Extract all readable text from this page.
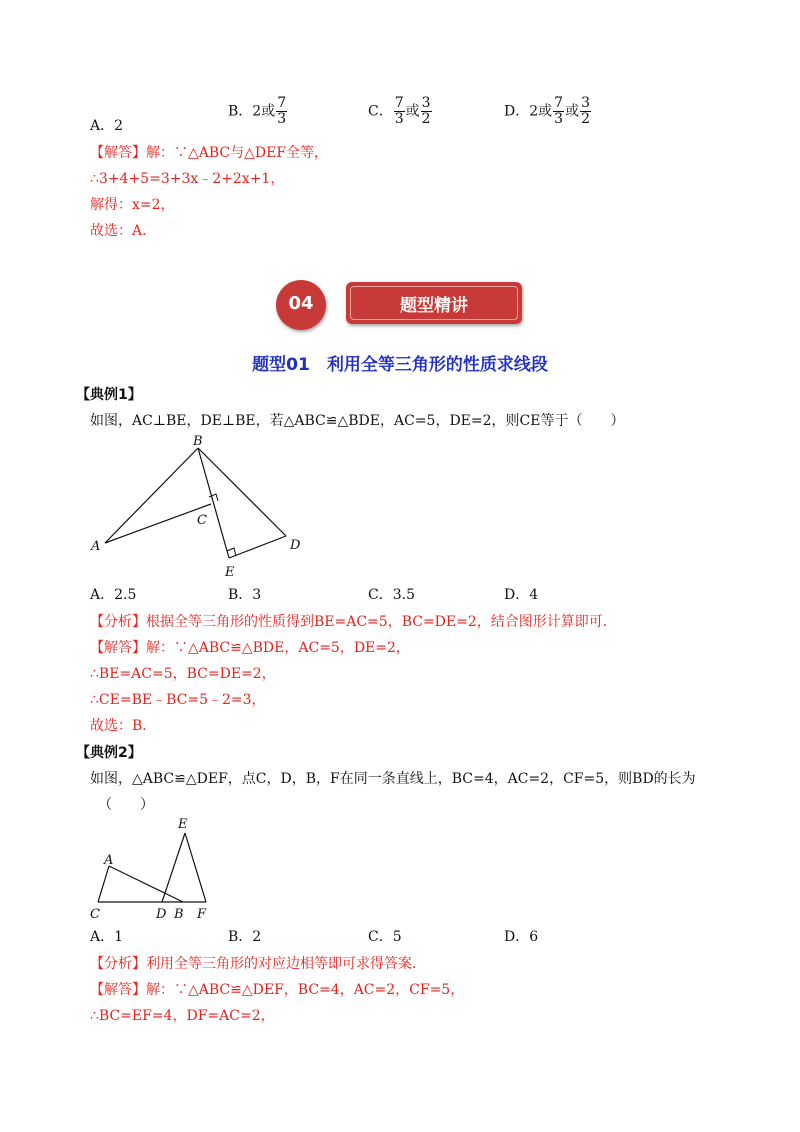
A．2
B．2或 $\frac{7}{3}$	C． $\frac{7}{3}$ 或 $\frac{3}{2}$	D．2或 $\frac{7}{3}$ 或 $\frac{3}{2}$
【解答】解：∵△ABC与△DEF全等，
∴3+4+5=3+3x﹣2+2x+1，
解得：x=2，
故选：A．
04	题型精讲
题型01　利用全等三角形的性质求线段
【典例1】
如图，AC⊥BE，DE⊥BE，若△ABC≌△BDE，AC=5，DE=2，则CE等于（　　）
B
A
C
D
E
A．2.5	B．3	C．3.5	D．4
【分析】根据全等三角形的性质得到BE=AC=5，BC=DE=2，结合图形计算即可．
【解答】解：∵△ABC≌△BDE，AC=5，DE=2，
∴BE=AC=5，BC=DE=2，
∴CE=BE﹣BC=5﹣2=3，
故选：B．
【典例2】
如图，△ABC≌△DEF，点C，D，B，F在同一条直线上，BC=4，AC=2，CF=5，则BD的长为
（　　）
E
A
C	D B F
A．1	B．2	C．5	D．6
【分析】利用全等三角形的对应边相等即可求得答案．
【解答】解：∵△ABC≌△DEF，BC=4，AC=2，CF=5，
∴BC=EF=4，DF=AC=2，
